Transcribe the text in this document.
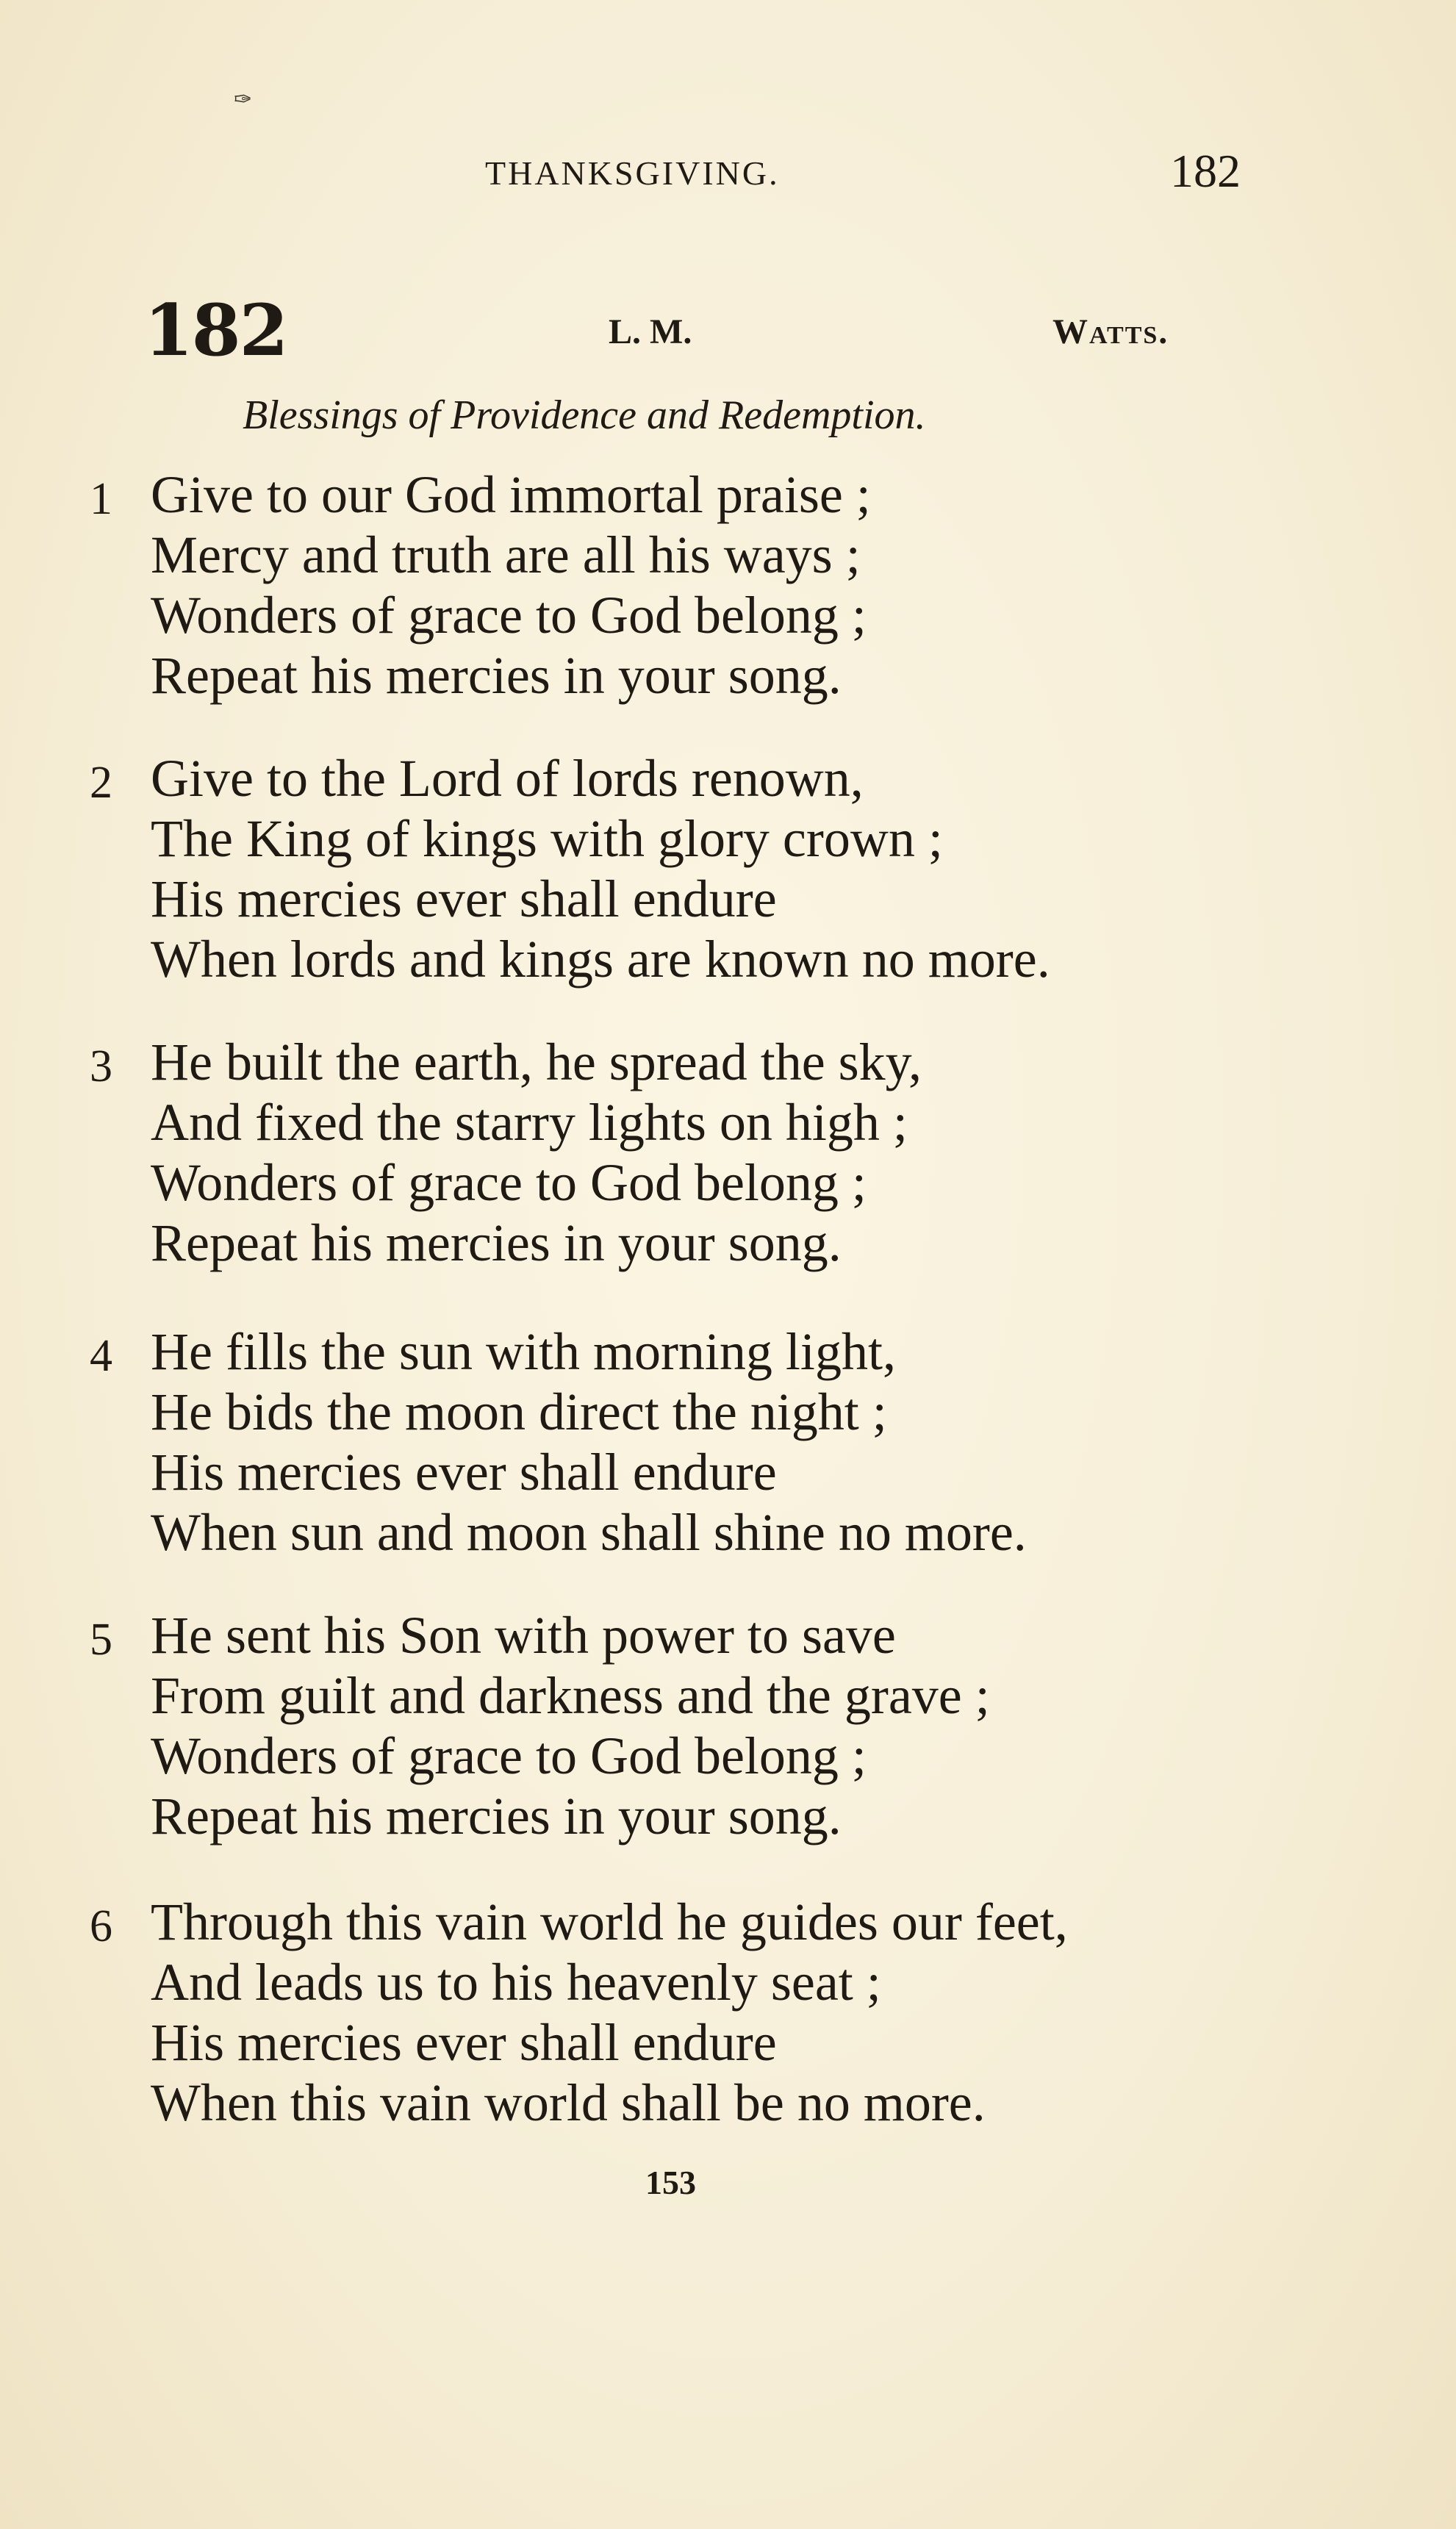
✑
THANKSGIVING.	182
182	L. M.	Watts.
Blessings of Providence and Redemption.
1 Give to our God immortal praise ;
Mercy and truth are all his ways ;
Wonders of grace to God belong ;
Repeat his mercies in your song.
2 Give to the Lord of lords renown,
The King of kings with glory crown ;
His mercies ever shall endure
When lords and kings are known no more.
3 He built the earth, he spread the sky,
And fixed the starry lights on high ;
Wonders of grace to God belong ;
Repeat his mercies in your song.
4 He fills the sun with morning light,
He bids the moon direct the night ;
His mercies ever shall endure
When sun and moon shall shine no more.
5 He sent his Son with power to save
From guilt and darkness and the grave ;
Wonders of grace to God belong ;
Repeat his mercies in your song.
6 Through this vain world he guides our feet,
And leads us to his heavenly seat ;
His mercies ever shall endure
When this vain world shall be no more.
153
